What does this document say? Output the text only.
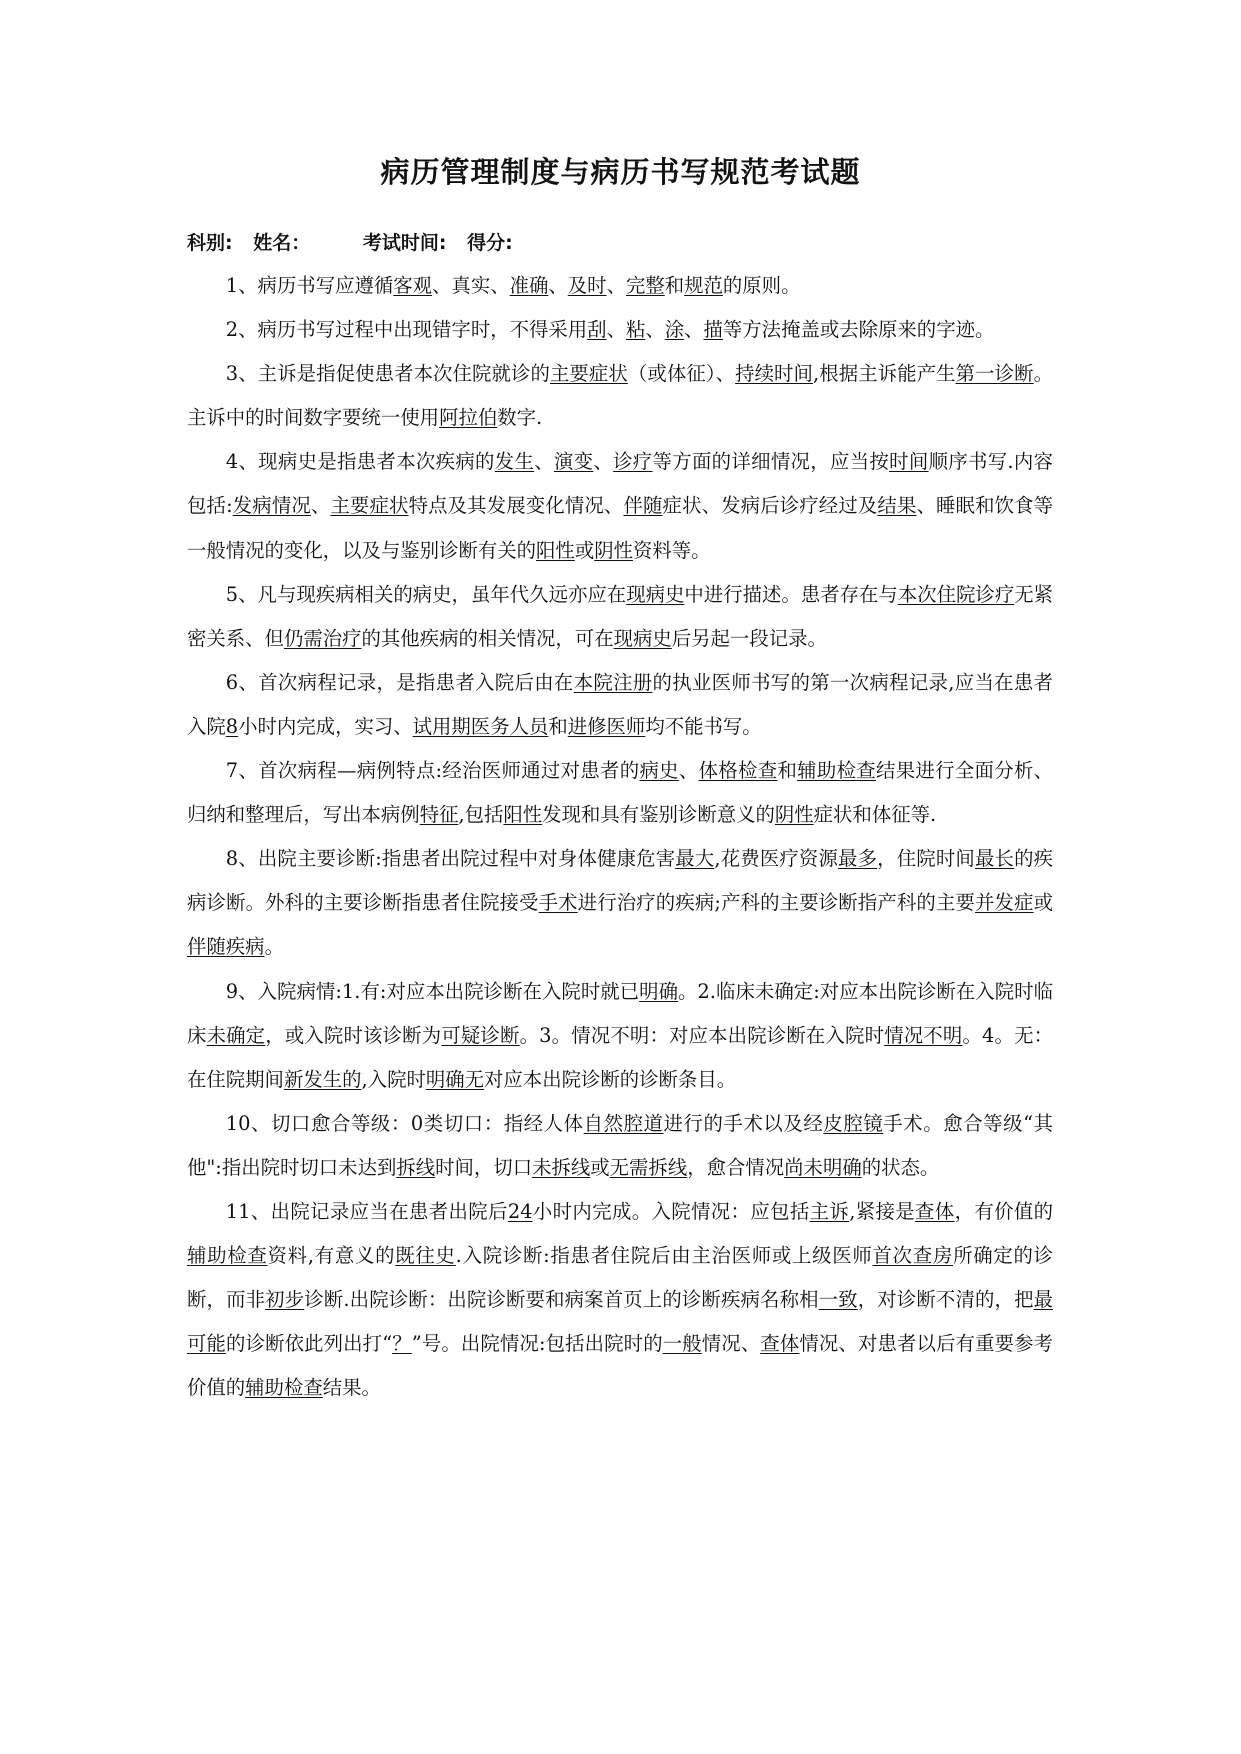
病历管理制度与病历书写规范考试题
科别: 姓名：	考试时间: 得分:

1、病历书写应遵循客观、真实、准确、及时、完整和规范的原则。

2、病历书写过程中出现错字时，不得采用刮、粘、涂、描等方法掩盖或去除原来的字迹。

3、主诉是指促使患者本次住院就诊的主要症状（或体征）、持续时间,根据主诉能产生第一诊断。主诉中的时间数字要统一使用阿拉伯数字.

4、现病史是指患者本次疾病的发生、演变、诊疗等方面的详细情况，应当按时间顺序书写.内容包括:发病情况、主要症状特点及其发展变化情况、伴随症状、发病后诊疗经过及结果、睡眠和饮食等一般情况的变化，以及与鉴别诊断有关的阳性或阴性资料等。

5、凡与现疾病相关的病史，虽年代久远亦应在现病史中进行描述。患者存在与本次住院诊疗无紧密关系、但仍需治疗的其他疾病的相关情况，可在现病史后另起一段记录。

6、首次病程记录，是指患者入院后由在本院注册的执业医师书写的第一次病程记录,应当在患者入院8小时内完成，实习、试用期医务人员和进修医师均不能书写。

7、首次病程—病例特点:经治医师通过对患者的病史、体格检查和辅助检查结果进行全面分析、归纳和整理后，写出本病例特征,包括阳性发现和具有鉴别诊断意义的阴性症状和体征等.

8、出院主要诊断:指患者出院过程中对身体健康危害最大,花费医疗资源最多，住院时间最长的疾病诊断。外科的主要诊断指患者住院接受手术进行治疗的疾病;产科的主要诊断指产科的主要并发症或伴随疾病。

9、入院病情:1.有:对应本出院诊断在入院时就已明确。2.临床未确定:对应本出院诊断在入院时临床未确定，或入院时该诊断为可疑诊断。3。情况不明：对应本出院诊断在入院时情况不明。4。无：在住院期间新发生的,入院时明确无对应本出院诊断的诊断条目。

10、切口愈合等级：0类切口：指经人体自然腔道进行的手术以及经皮腔镜手术。愈合等级“其他":指出院时切口未达到拆线时间，切口未拆线或无需拆线，愈合情况尚未明确的状态。

11、出院记录应当在患者出院后24小时内完成。入院情况：应包括主诉,紧接是查体，有价值的辅助检查资料,有意义的既往史.入院诊断:指患者住院后由主治医师或上级医师首次查房所确定的诊断，而非初步诊断.出院诊断：出院诊断要和病案首页上的诊断疾病名称相一致，对诊断不清的，把最可能的诊断依此列出打“？”号。出院情况:包括出院时的一般情况、查体情况、对患者以后有重要参考价值的辅助检查结果。
